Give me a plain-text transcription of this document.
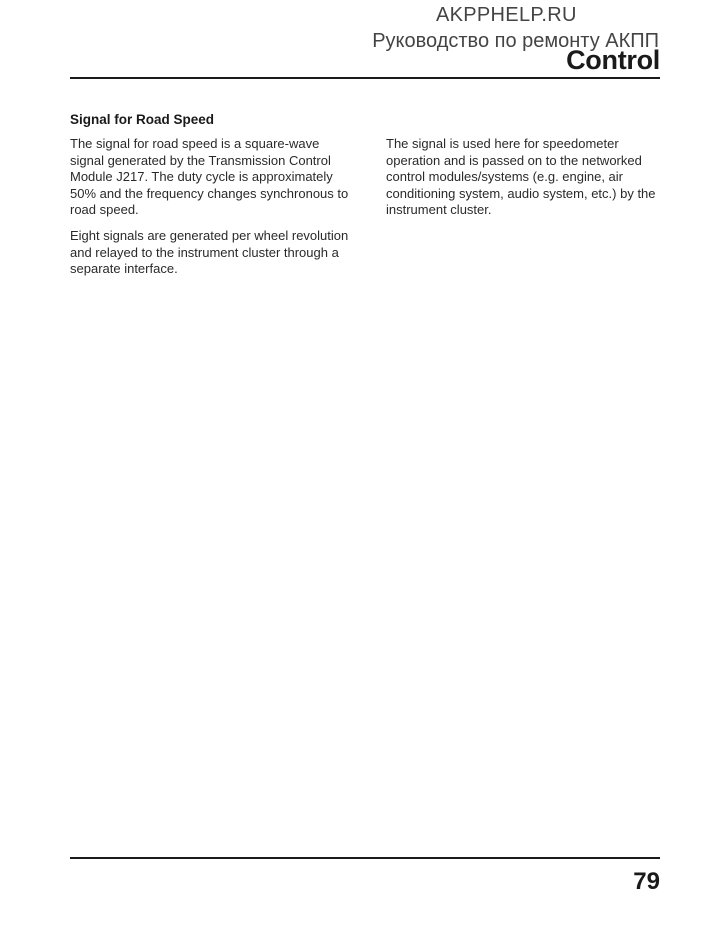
AKPPHELP.RU
Руководство по ремонту АКПП
Control
Signal for Road Speed

The signal for road speed is a square-wave signal generated by the Transmission Control Module J217. The duty cycle is approximately 50% and the frequency changes synchronous to road speed.

Eight signals are generated per wheel revolution and relayed to the instrument cluster through a separate interface.

The signal is used here for speedometer operation and is passed on to the networked control modules/systems (e.g. engine, air conditioning system, audio system, etc.) by the instrument cluster.

79
